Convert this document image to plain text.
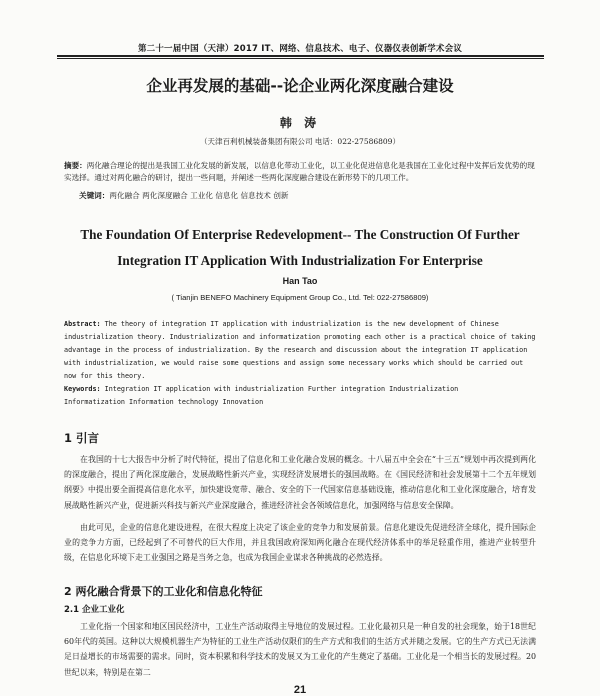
第二十一届中国（天津）2017 IT、网络、信息技术、电子、仪器仪表创新学术会议
企业再发展的基础--论企业两化深度融合建设
韩 涛
（天津百利机械装备集团有限公司 电话：022-27586809）
摘要：两化融合理论的提出是我国工业化发展的新发展，以信息化带动工业化，以工业化促进信息化是我国在工业化过程中发挥后发优势的现实选择。通过对两化融合的研讨，提出一些问题，并阐述一些两化深度融合建设在新形势下的几项工作。
关键词：两化融合 两化深度融合 工业化 信息化 信息技术 创新
The Foundation Of Enterprise Redevelopment-- The Construction Of Further
Integration IT Application With Industrialization For Enterprise
Han Tao
( Tianjin BENEFO Machinery Equipment Group Co., Ltd. Tel: 022-27586809)
Abstract: The theory of integration IT application with industrialization is the new development of Chinese
industrialization theory. Industrialization and informatization promoting each other is a practical choice of taking
advantage in the process of industrialization. By the research and discussion about the integration IT application
with industrialization, we would raise some questions and assign some necessary works which should be carried out
now for this theory.
Keywords: Integration IT application with industrialization Further integration Industrialization
Informatization Information technology Innovation
1 引言
在我国的十七大报告中分析了时代特征，提出了信息化和工业化融合发展的概念。十八届五中全会在“十三五”规划中再次提到两化的深度融合，提出了两化深度融合，发展战略性新兴产业，实现经济发展增长的强国战略。在《国民经济和社会发展第十二个五年规划纲要》中提出要全面提高信息化水平，加快建设宽带、融合、安全的下一代国家信息基础设施，推动信息化和工业化深度融合，培育发展战略性新兴产业，促进新兴科技与新兴产业深度融合，推进经济社会各领域信息化，加强网络与信息安全保障。
由此可见，企业的信息化建设进程，在很大程度上决定了该企业的竞争力和发展前景。信息化建设先促进经济全球化，提升国际企业的竞争力方面，已经起到了不可替代的巨大作用，并且我国政府深知两化融合在现代经济体系中的举足轻重作用，推进产业转型升级，在信息化环境下走工业强国之路是当务之急，也成为我国企业谋求各种挑战的必然选择。
2 两化融合背景下的工业化和信息化特征
2.1 企业工业化
工业化指一个国家和地区国民经济中，工业生产活动取得主导地位的发展过程。工业化最初只是一种自发的社会现象，始于18世纪60年代的英国。这种以大规模机器生产为特征的工业生产活动仅限们的生产方式和我们的生活方式并随之发展。它的生产方式已无法满足日益增长的市场需要的需求。同时，资本积累和科学技术的发展又为工业化的产生奠定了基础。工业化是一个相当长的发展过程。20世纪以来，特别是在第二
21
